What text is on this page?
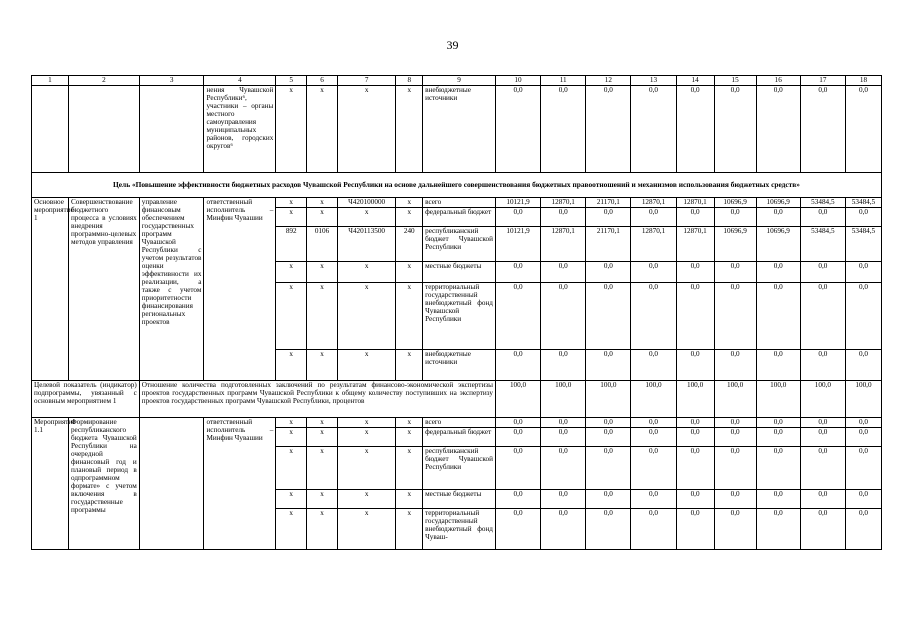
39
1	2	3	4	5	6	7	8	9	10	11	12	13	14	15	16	17	18
			нения Чувашской Республики⁶, участники – органы местного самоуправления муниципальных районов, городских округов⁶	x	x	x	x	внебюджетные источники	0,0	0,0	0,0	0,0	0,0	0,0	0,0	0,0	0,0
Цель «Повышение эффективности бюджетных расходов Чувашской Республики на основе дальнейшего совершенствования бюджетных правоотношений и механизмов использования бюджетных средств»																	
Основное мероприятие 1	Совершенствование бюджетного процесса в условиях внедрения программно-целевых методов управления	управление финансовым обеспечением государственных программ Чувашской Республики с учетом результатов оценки эффективности их реализации, а также с учетом приоритетности финансирования региональных проектов	ответственный исполнитель – Минфин Чувашии	x	x	Ч420100000	x	всего	10121,9	12870,1	21170,1	12870,1	12870,1	10696,9	10696,9	53484,5	53484,5
				x	x	x	x	федеральный бюджет	0,0	0,0	0,0	0,0	0,0	0,0	0,0	0,0	0,0
				892	0106	Ч420113500	240	республиканский бюджет Чувашской Республики	10121,9	12870,1	21170,1	12870,1	12870,1	10696,9	10696,9	53484,5	53484,5
				x	x	x	x	местные бюджеты	0,0	0,0	0,0	0,0	0,0	0,0	0,0	0,0	0,0
				x	x	x	x	территориальный государственный внебюджетный фонд Чувашской Республики	0,0	0,0	0,0	0,0	0,0	0,0	0,0	0,0	0,0
				x	x	x	x	внебюджетные источники	0,0	0,0	0,0	0,0	0,0	0,0	0,0	0,0	0,0
Целевой показатель (индикатор) подпрограммы, увязанный с основным мероприятием 1		Отношение количества подготовленных заключений по результатам финансово-экономической экспертизы проектов государственных программ Чувашской Республики к общему количеству поступивших на экспертизу проектов государственных программ Чувашской Республики, процентов							100,0	100,0	100,0	100,0	100,0	100,0	100,0	100,0	100,0
Мероприятие 1.1	Формирование республиканского бюджета Чувашской Республики на очередной финансовый год и плановый период в одпрограммном формате» с учетом включения в государственные программы		ответственный исполнитель – Минфин Чувашии	x	x	x	x	всего	0,0	0,0	0,0	0,0	0,0	0,0	0,0	0,0	0,0
				x	x	x	x	федеральный бюджет	0,0	0,0	0,0	0,0	0,0	0,0	0,0	0,0	0,0
				x	x	x	x	республиканский бюджет Чувашской Республики	0,0	0,0	0,0	0,0	0,0	0,0	0,0	0,0	0,0
				x	x	x	x	местные бюджеты	0,0	0,0	0,0	0,0	0,0	0,0	0,0	0,0	0,0
				x	x	x	x	территориальный государственный внебюджетный фонд Чуваш-	0,0	0,0	0,0	0,0	0,0	0,0	0,0	0,0	0,0
